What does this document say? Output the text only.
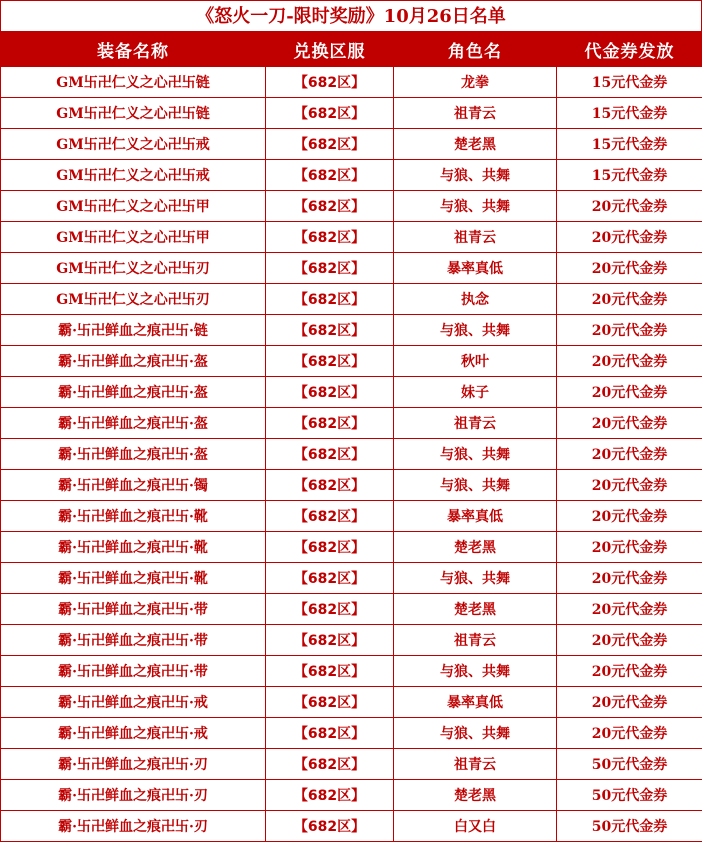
《怒火一刀-限时奖励》10月26日名单
装备名称	兑换区服	角色名	代金券发放
GM卐卍仁义之心卍卐链	【682区】	龙拳	15元代金券
GM卐卍仁义之心卍卐链	【682区】	祖青云	15元代金券
GM卐卍仁义之心卍卐戒	【682区】	楚老黑	15元代金券
GM卐卍仁义之心卍卐戒	【682区】	与狼、共舞	15元代金券
GM卐卍仁义之心卍卐甲	【682区】	与狼、共舞	20元代金券
GM卐卍仁义之心卍卐甲	【682区】	祖青云	20元代金券
GM卐卍仁义之心卍卐刃	【682区】	暴率真低	20元代金券
GM卐卍仁义之心卍卐刃	【682区】	执念	20元代金券
霸·卐卍鲜血之痕卍卐·链	【682区】	与狼、共舞	20元代金券
霸·卐卍鲜血之痕卍卐·盔	【682区】	秋叶	20元代金券
霸·卐卍鲜血之痕卍卐·盔	【682区】	妹子	20元代金券
霸·卐卍鲜血之痕卍卐·盔	【682区】	祖青云	20元代金券
霸·卐卍鲜血之痕卍卐·盔	【682区】	与狼、共舞	20元代金券
霸·卐卍鲜血之痕卍卐·镯	【682区】	与狼、共舞	20元代金券
霸·卐卍鲜血之痕卍卐·靴	【682区】	暴率真低	20元代金券
霸·卐卍鲜血之痕卍卐·靴	【682区】	楚老黑	20元代金券
霸·卐卍鲜血之痕卍卐·靴	【682区】	与狼、共舞	20元代金券
霸·卐卍鲜血之痕卍卐·带	【682区】	楚老黑	20元代金券
霸·卐卍鲜血之痕卍卐·带	【682区】	祖青云	20元代金券
霸·卐卍鲜血之痕卍卐·带	【682区】	与狼、共舞	20元代金券
霸·卐卍鲜血之痕卍卐·戒	【682区】	暴率真低	20元代金券
霸·卐卍鲜血之痕卍卐·戒	【682区】	与狼、共舞	20元代金券
霸·卐卍鲜血之痕卍卐·刃	【682区】	祖青云	50元代金券
霸·卐卍鲜血之痕卍卐·刃	【682区】	楚老黑	50元代金券
霸·卐卍鲜血之痕卍卐·刃	【682区】	白又白	50元代金券
